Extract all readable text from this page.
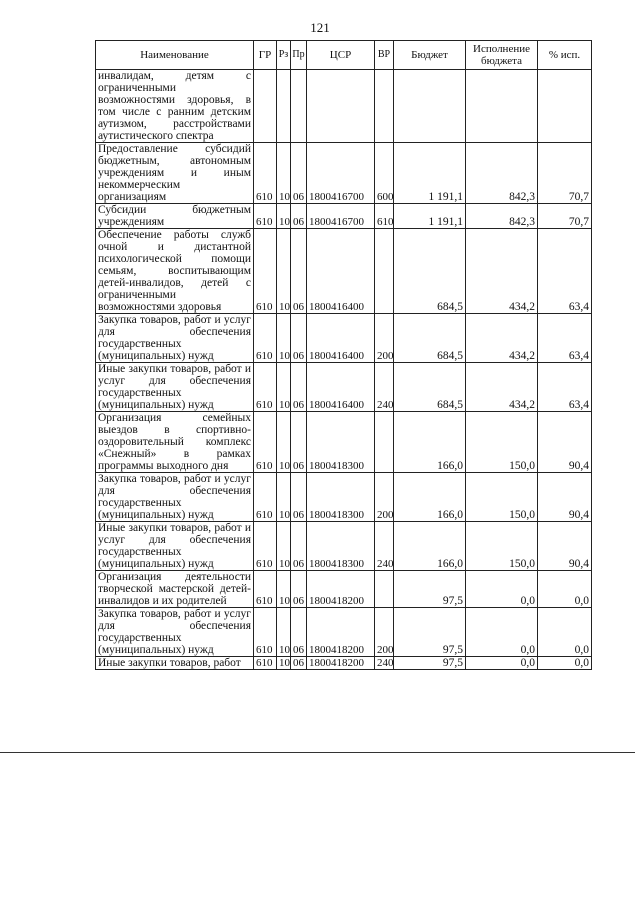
121
Наименование	ГР	Рз	Пр	ЦСР	ВР	Бюджет	Исполнение бюджета	% исп.
инвалидам, детям с ограниченными возможностями здоровья, в том числе с ранним детским аутизмом, расстройствами аутистического спектра								
Предоставление субсидий бюджетным, автономным учреждениям и иным некоммерческим организациям	610	10	06	1800416700	600	1 191,1	842,3	70,7
Субсидии бюджетным учреждениям	610	10	06	1800416700	610	1 191,1	842,3	70,7
Обеспечение работы служб очной и дистантной психологической помощи семьям, воспитывающим детей-инвалидов, детей с ограниченными возможностями здоровья	610	10	06	1800416400		684,5	434,2	63,4
Закупка товаров, работ и услуг для обеспечения государственных (муниципальных) нужд	610	10	06	1800416400	200	684,5	434,2	63,4
Иные закупки товаров, работ и услуг для обеспечения государственных (муниципальных) нужд	610	10	06	1800416400	240	684,5	434,2	63,4
Организация семейных выездов в спортивно-оздоровительный комплекс «Снежный» в рамках программы выходного дня	610	10	06	1800418300		166,0	150,0	90,4
Закупка товаров, работ и услуг для обеспечения государственных (муниципальных) нужд	610	10	06	1800418300	200	166,0	150,0	90,4
Иные закупки товаров, работ и услуг для обеспечения государственных (муниципальных) нужд	610	10	06	1800418300	240	166,0	150,0	90,4
Организация деятельности творческой мастерской детей-инвалидов и их родителей	610	10	06	1800418200		97,5	0,0	0,0
Закупка товаров, работ и услуг для обеспечения государственных (муниципальных) нужд	610	10	06	1800418200	200	97,5	0,0	0,0
Иные закупки товаров, работ	610	10	06	1800418200	240	97,5	0,0	0,0
